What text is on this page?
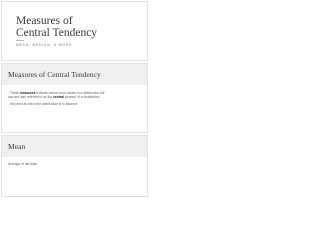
Measures of
Central Tendency
MEAN, MEDIAN, & MODE
Measures of Central Tendency
- These measures indicate where most values in a distribution fall
and are also referred to as the central location of a distribution
- the point at which the distribution is in balance
Mean
Average of the data
